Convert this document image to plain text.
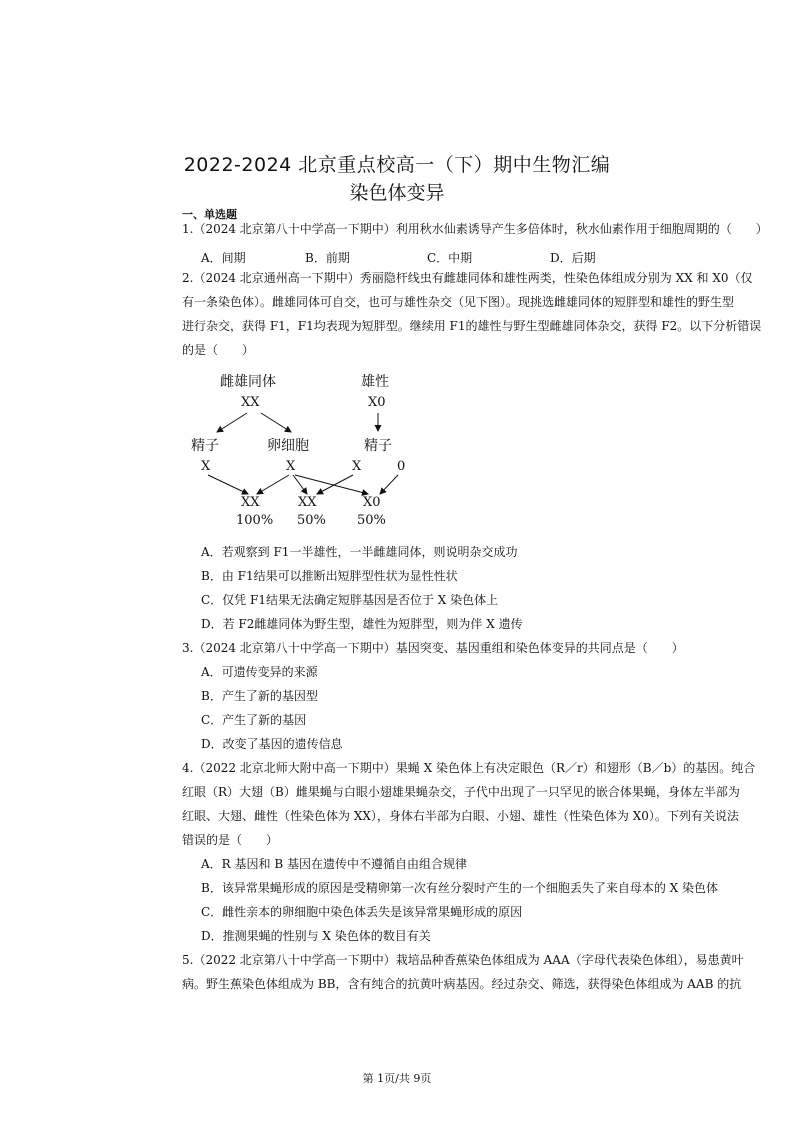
2022-2024 北京重点校高一（下）期中生物汇编
染色体变异
一、单选题
1.（2024 北京第八十中学高一下期中）利用秋水仙素诱导产生多倍体时，秋水仙素作用于细胞周期的（　　）
A．间期	B．前期	C．中期	D．后期
2.（2024 北京通州高一下期中）秀丽隐杆线虫有雌雄同体和雄性两类，性染色体组成分别为 XX 和 X0（仅
有一条染色体）。雌雄同体可自交，也可与雄性杂交（见下图）。现挑选雌雄同体的短胖型和雄性的野生型
进行杂交，获得 F1，F1均表现为短胖型。继续用 F1的雄性与野生型雌雄同体杂交，获得 F2。以下分析错误
的是（　　）
雌雄同体	雄性
XX	X0
精子	卵细胞	精子
X	X	X	0
XX	XX	X0
100% 50% 50%
A．若观察到 F1一半雄性，一半雌雄同体，则说明杂交成功
B．由 F1结果可以推断出短胖型性状为显性性状
C．仅凭 F1结果无法确定短胖基因是否位于 X 染色体上
D．若 F2雌雄同体为野生型，雄性为短胖型，则为伴 X 遗传
3.（2024 北京第八十中学高一下期中）基因突变、基因重组和染色体变异的共同点是（　　）
A．可遗传变异的来源
B．产生了新的基因型
C．产生了新的基因
D．改变了基因的遗传信息
4.（2022 北京北师大附中高一下期中）果蝇 X 染色体上有决定眼色（R／r）和翅形（B／b）的基因。纯合
红眼（R）大翅（B）雌果蝇与白眼小翅雄果蝇杂交，子代中出现了一只罕见的嵌合体果蝇，身体左半部为
红眼、大翅、雌性（性染色体为 XX），身体右半部为白眼、小翅、雄性（性染色体为 X0）。下列有关说法
错误的是（　　）
A．R 基因和 B 基因在遗传中不遵循自由组合规律
B．该异常果蝇形成的原因是受精卵第一次有丝分裂时产生的一个细胞丢失了来自母本的 X 染色体
C．雌性亲本的卵细胞中染色体丢失是该异常果蝇形成的原因
D．推测果蝇的性别与 X 染色体的数目有关
5.（2022 北京第八十中学高一下期中）栽培品种香蕉染色体组成为 AAA（字母代表染色体组），易患黄叶
病。野生蕉染色体组成为 BB，含有纯合的抗黄叶病基因。经过杂交、筛选，获得染色体组成为 AAB 的抗
第 1页/共 9页
